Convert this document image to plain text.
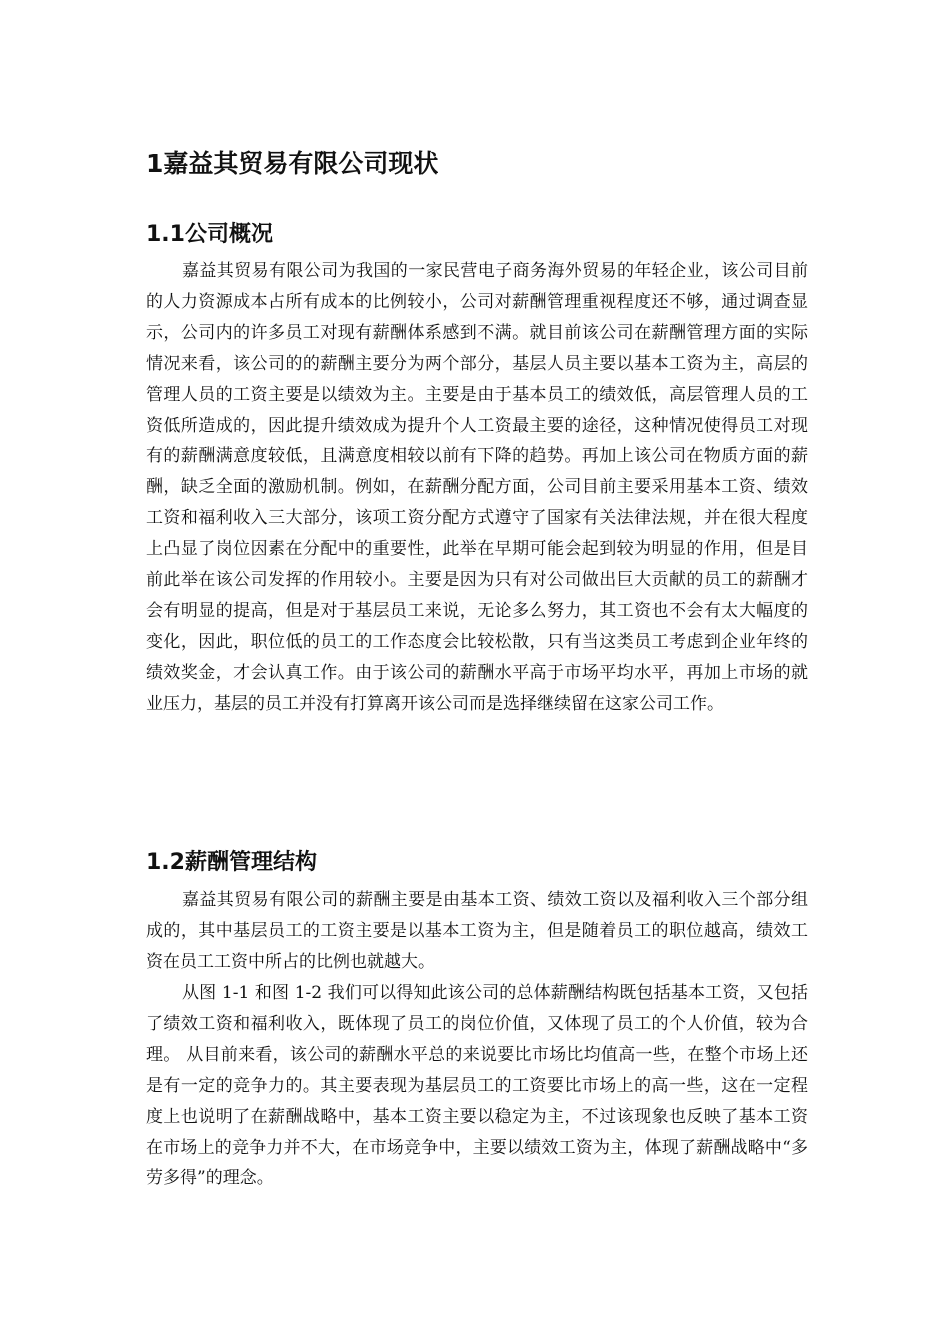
1嘉益其贸易有限公司现状
1.1公司概况

嘉益其贸易有限公司为我国的一家民营电子商务海外贸易的年轻企业，该公司目前的人力资源成本占所有成本的比例较小，公司对薪酬管理重视程度还不够，通过调查显示，公司内的许多员工对现有薪酬体系感到不满。就目前该公司在薪酬管理方面的实际情况来看，该公司的的薪酬主要分为两个部分，基层人员主要以基本工资为主，高层的管理人员的工资主要是以绩效为主。主要是由于基本员工的绩效低，高层管理人员的工资低所造成的，因此提升绩效成为提升个人工资最主要的途径，这种情况使得员工对现有的薪酬满意度较低，且满意度相较以前有下降的趋势。再加上该公司在物质方面的薪酬，缺乏全面的激励机制。例如，在薪酬分配方面，公司目前主要采用基本工资、绩效工资和福利收入三大部分，该项工资分配方式遵守了国家有关法律法规，并在很大程度上凸显了岗位因素在分配中的重要性，此举在早期可能会起到较为明显的作用，但是目前此举在该公司发挥的作用较小。主要是因为只有对公司做出巨大贡献的员工的薪酬才会有明显的提高，但是对于基层员工来说，无论多么努力，其工资也不会有太大幅度的变化，因此，职位低的员工的工作态度会比较松散，只有当这类员工考虑到企业年终的绩效奖金，才会认真工作。由于该公司的薪酬水平高于市场平均水平，再加上市场的就业压力，基层的员工并没有打算离开该公司而是选择继续留在这家公司工作。

1.2薪酬管理结构

嘉益其贸易有限公司的薪酬主要是由基本工资、绩效工资以及福利收入三个部分组成的，其中基层员工的工资主要是以基本工资为主，但是随着员工的职位越高，绩效工资在员工工资中所占的比例也就越大。

从图 1-1 和图 1-2 我们可以得知此该公司的总体薪酬结构既包括基本工资，又包括了绩效工资和福利收入，既体现了员工的岗位价值，又体现了员工的个人价值，较为合理。 从目前来看，该公司的薪酬水平总的来说要比市场比均值高一些，在整个市场上还是有一定的竞争力的。其主要表现为基层员工的工资要比市场上的高一些，这在一定程度上也说明了在薪酬战略中，基本工资主要以稳定为主，不过该现象也反映了基本工资在市场上的竞争力并不大，在市场竞争中，主要以绩效工资为主，体现了薪酬战略中“多劳多得”的理念。
